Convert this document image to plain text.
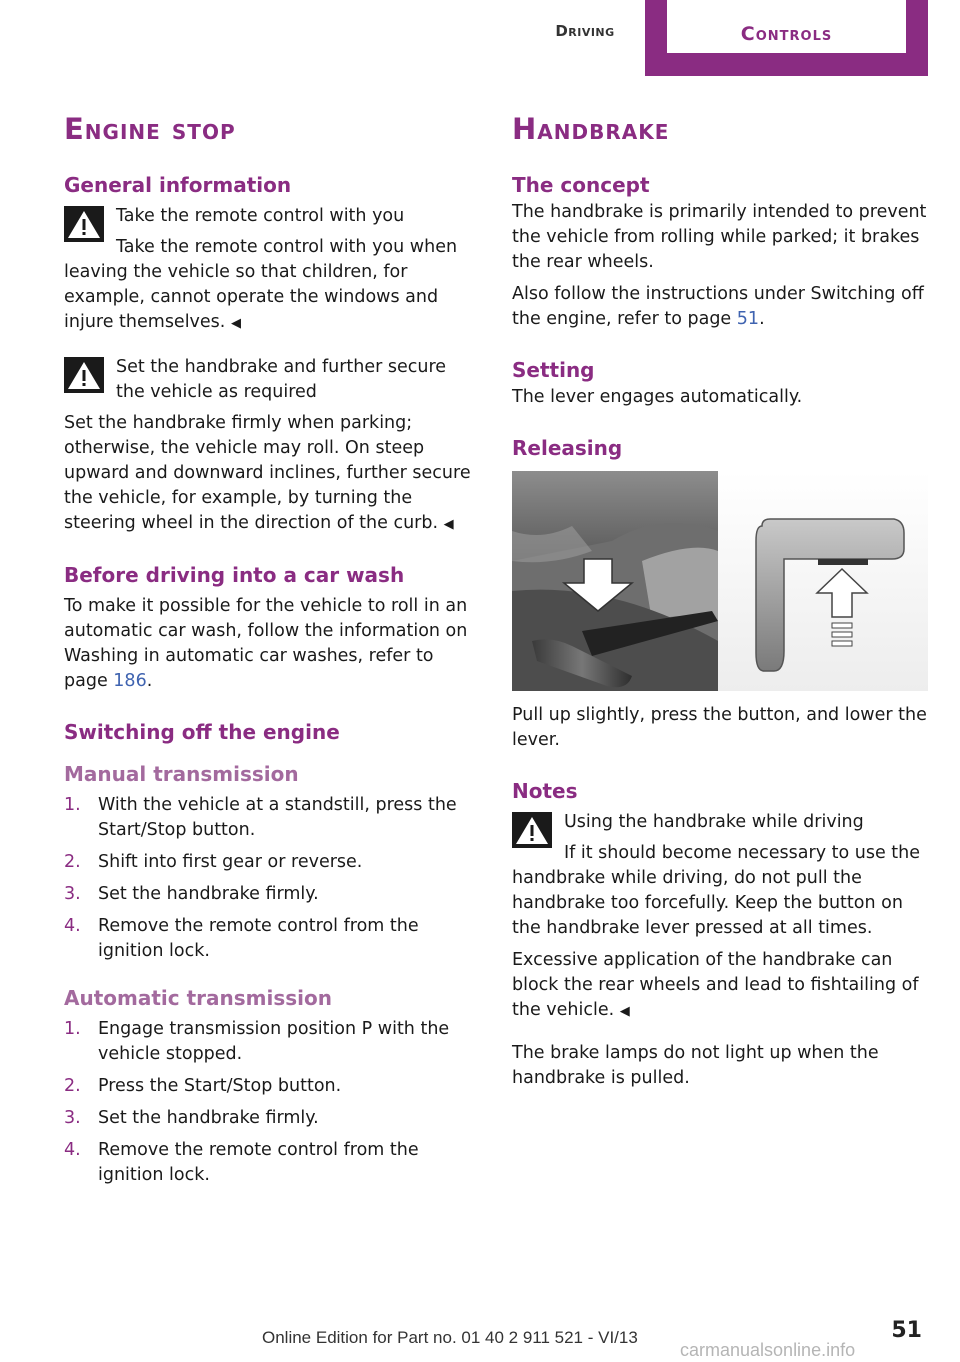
Driving	Controls
Engine stop
General information

Take the remote control with you

Take the remote control with you when leaving the vehicle so that children, for example, cannot operate the windows and injure themselves. ◀

Set the handbrake and further secure the vehicle as required

Set the handbrake firmly when parking; otherwise, the vehicle may roll. On steep upward and downward inclines, further secure the vehicle, for example, by turning the steering wheel in the direction of the curb. ◀

Before driving into a car wash

To make it possible for the vehicle to roll in an automatic car wash, follow the information on Washing in automatic car washes, refer to page 186.

Switching off the engine
Manual transmission
1. With the vehicle at a standstill, press the Start/Stop button.
2. Shift into first gear or reverse.
3. Set the handbrake firmly.
4. Remove the remote control from the ignition lock.
Automatic transmission
1. Engage transmission position P with the vehicle stopped.
2. Press the Start/Stop button.
3. Set the handbrake firmly.
4. Remove the remote control from the ignition lock.
Handbrake
The concept

The handbrake is primarily intended to prevent the vehicle from rolling while parked; it brakes the rear wheels.

Also follow the instructions under Switching off the engine, refer to page 51.

Setting

The lever engages automatically.

Releasing

Pull up slightly, press the button, and lower the lever.

Notes

Using the handbrake while driving

If it should become necessary to use the handbrake while driving, do not pull the handbrake too forcefully. Keep the button on the handbrake lever pressed at all times.

Excessive application of the handbrake can block the rear wheels and lead to fishtailing of the vehicle. ◀

The brake lamps do not light up when the handbrake is pulled.

Online Edition for Part no. 01 40 2 911 521 - VI/13	51
carmanualsonline.info
